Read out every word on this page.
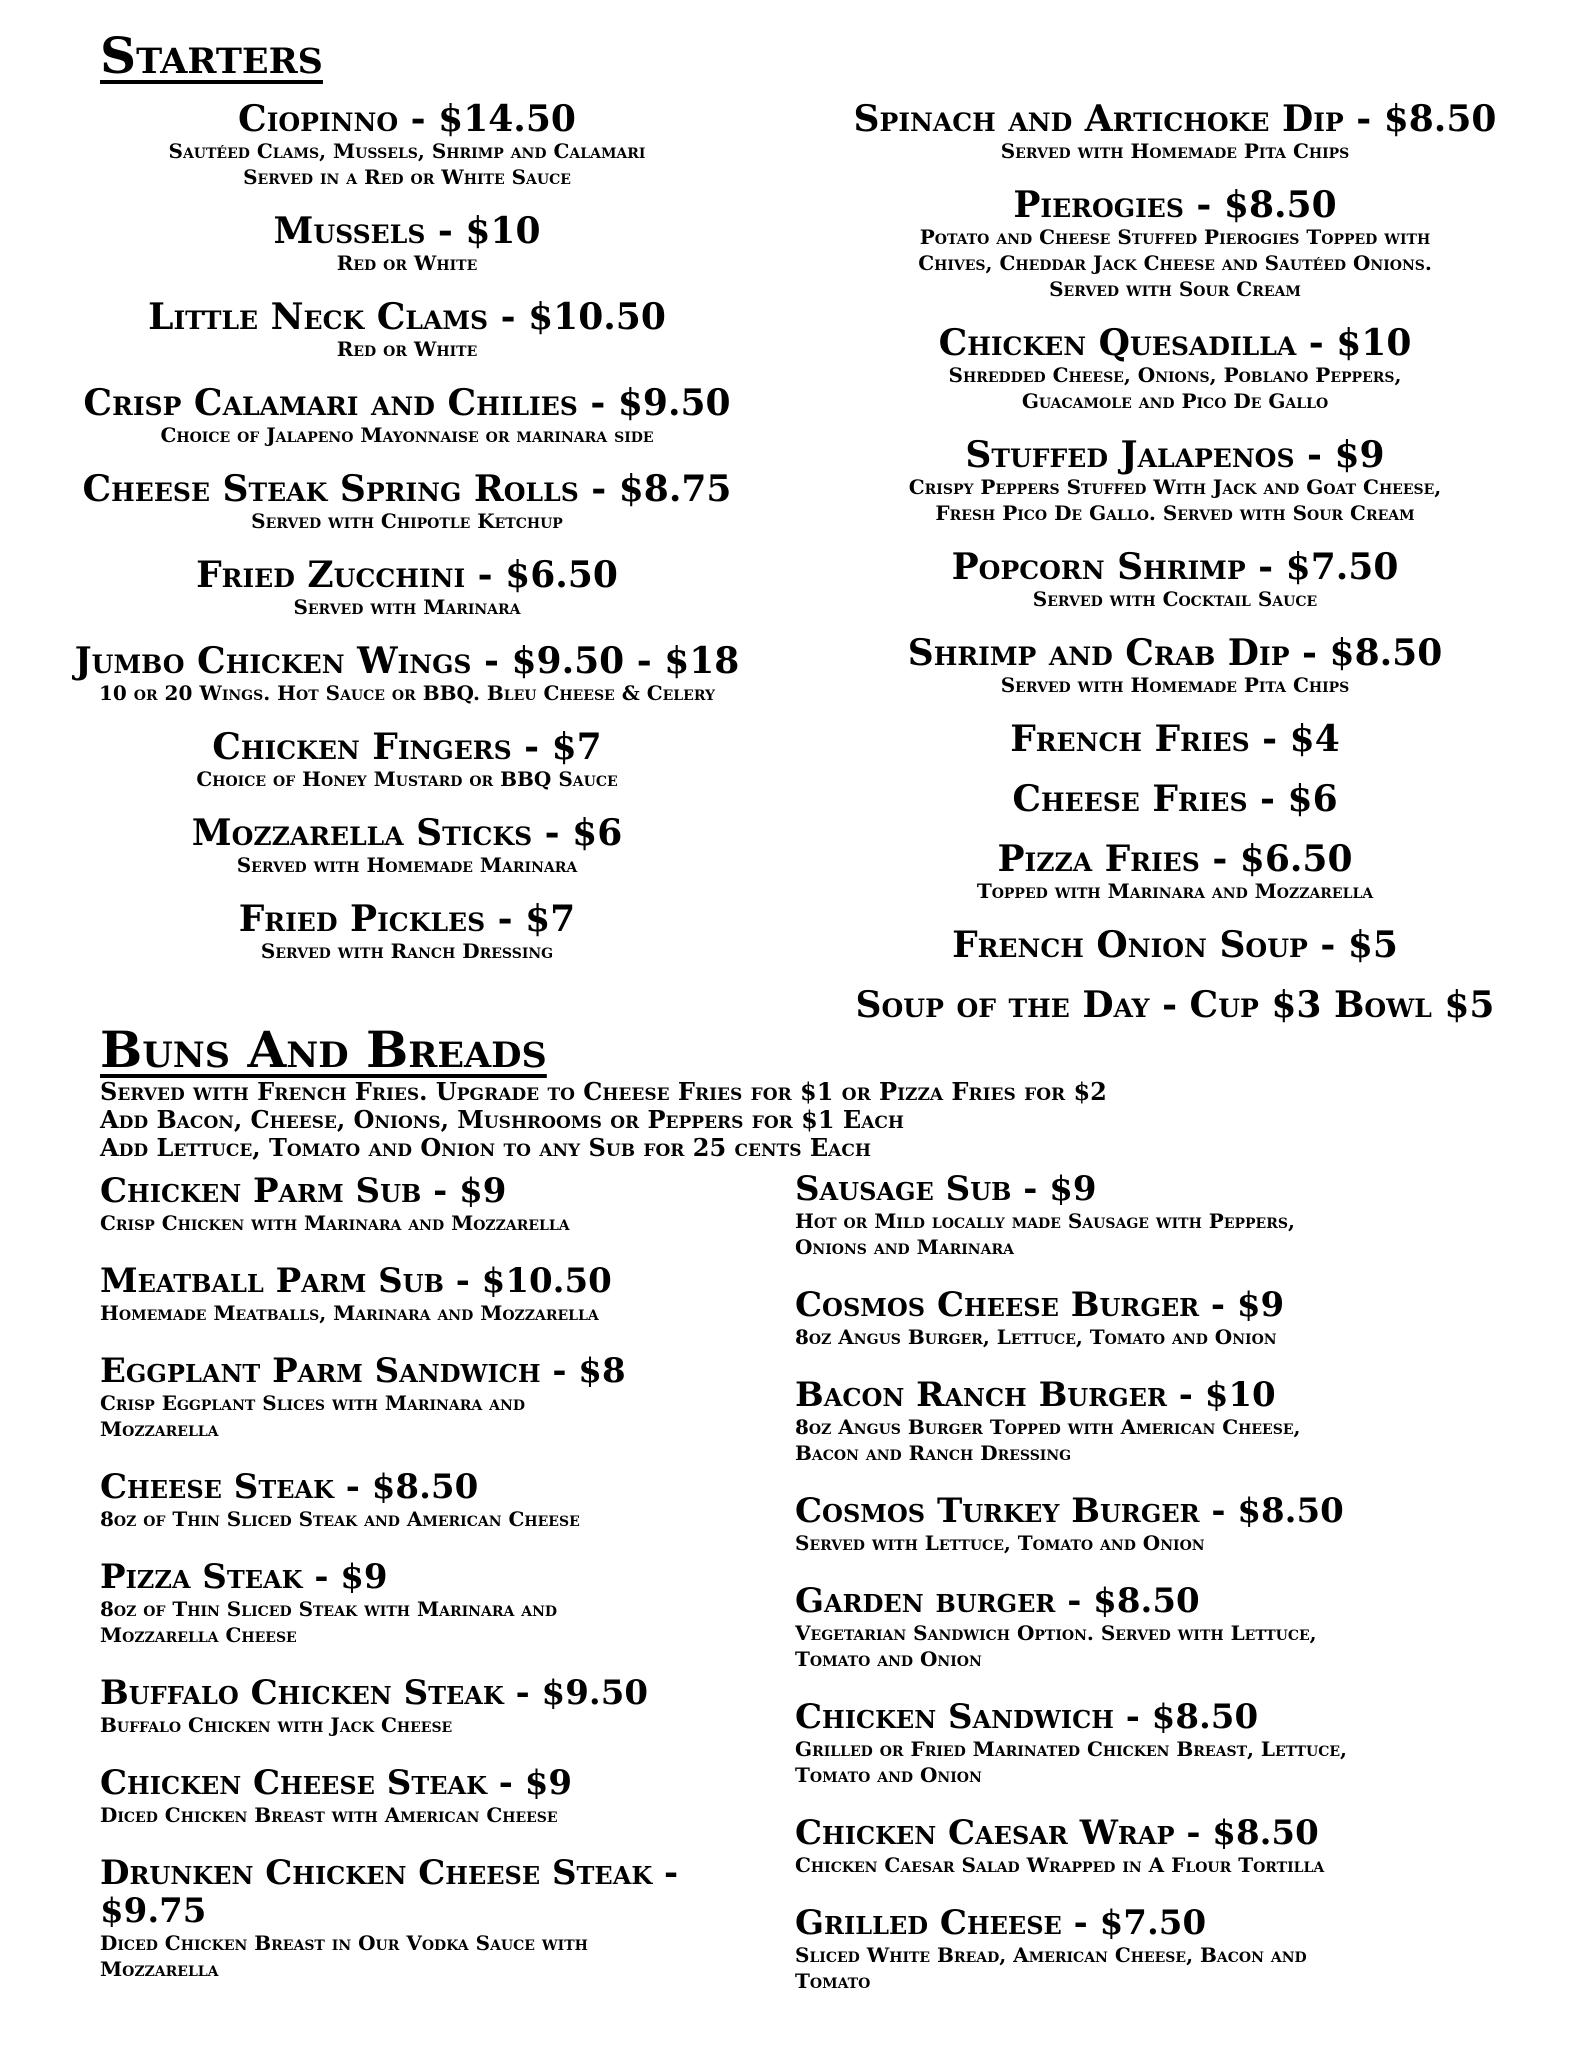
Starters
Ciopinno - $14.50
Sautéed Clams, Mussels, Shrimp and Calamari
Served in a Red or White Sauce
Mussels - $10
Red or White
Little Neck Clams - $10.50
Red or White
Crisp Calamari and Chilies - $9.50
Choice of Jalapeno Mayonnaise or marinara side
Cheese Steak Spring Rolls - $8.75
Served with Chipotle Ketchup
Fried Zucchini - $6.50
Served with Marinara
Jumbo Chicken Wings - $9.50 - $18
10 or 20 Wings. Hot Sauce or BBQ. Bleu Cheese & Celery
Chicken Fingers - $7
Choice of Honey Mustard or BBQ Sauce
Mozzarella Sticks - $6
Served with Homemade Marinara
Fried Pickles - $7
Served with Ranch Dressing
Spinach and Artichoke Dip - $8.50
Served with Homemade Pita Chips
Pierogies - $8.50
Potato and Cheese Stuffed Pierogies Topped with
Chives, Cheddar Jack Cheese and Sautéed Onions.
Served with Sour Cream
Chicken Quesadilla - $10
Shredded Cheese, Onions, Poblano Peppers,
Guacamole and Pico De Gallo
Stuffed Jalapenos - $9
Crispy Peppers Stuffed With Jack and Goat Cheese,
Fresh Pico De Gallo. Served with Sour Cream
Popcorn Shrimp - $7.50
Served with Cocktail Sauce
Shrimp and Crab Dip - $8.50
Served with Homemade Pita Chips
French Fries - $4
Cheese Fries - $6
Pizza Fries - $6.50
Topped with Marinara and Mozzarella
French Onion Soup - $5
Soup of the Day - Cup $3 Bowl $5
Buns And Breads
Served with French Fries. Upgrade to Cheese Fries for $1 or Pizza Fries for $2
Add Bacon, Cheese, Onions, Mushrooms or Peppers for $1 Each
Add Lettuce, Tomato and Onion to any Sub for 25 cents Each
Chicken Parm Sub - $9
Crisp Chicken with Marinara and Mozzarella
Meatball Parm Sub - $10.50
Homemade Meatballs, Marinara and Mozzarella
Eggplant Parm Sandwich - $8
Crisp Eggplant Slices with Marinara and
Mozzarella
Cheese Steak - $8.50
8oz of Thin Sliced Steak and American Cheese
Pizza Steak - $9
8oz of Thin Sliced Steak with Marinara and
Mozzarella Cheese
Buffalo Chicken Steak - $9.50
Buffalo Chicken with Jack Cheese
Chicken Cheese Steak - $9
Diced Chicken Breast with American Cheese
Drunken Chicken Cheese Steak - $9.75
Diced Chicken Breast in Our Vodka Sauce with
Mozzarella
Sausage Sub - $9
Hot or Mild locally made Sausage with Peppers,
Onions and Marinara
Cosmos Cheese Burger - $9
8oz Angus Burger, Lettuce, Tomato and Onion
Bacon Ranch Burger - $10
8oz Angus Burger Topped with American Cheese,
Bacon and Ranch Dressing
Cosmos Turkey Burger - $8.50
Served with Lettuce, Tomato and Onion
Garden burger - $8.50
Vegetarian Sandwich Option. Served with Lettuce,
Tomato and Onion
Chicken Sandwich - $8.50
Grilled or Fried Marinated Chicken Breast, Lettuce,
Tomato and Onion
Chicken Caesar Wrap - $8.50
Chicken Caesar Salad Wrapped in A Flour Tortilla
Grilled Cheese - $7.50
Sliced White Bread, American Cheese, Bacon and
Tomato
